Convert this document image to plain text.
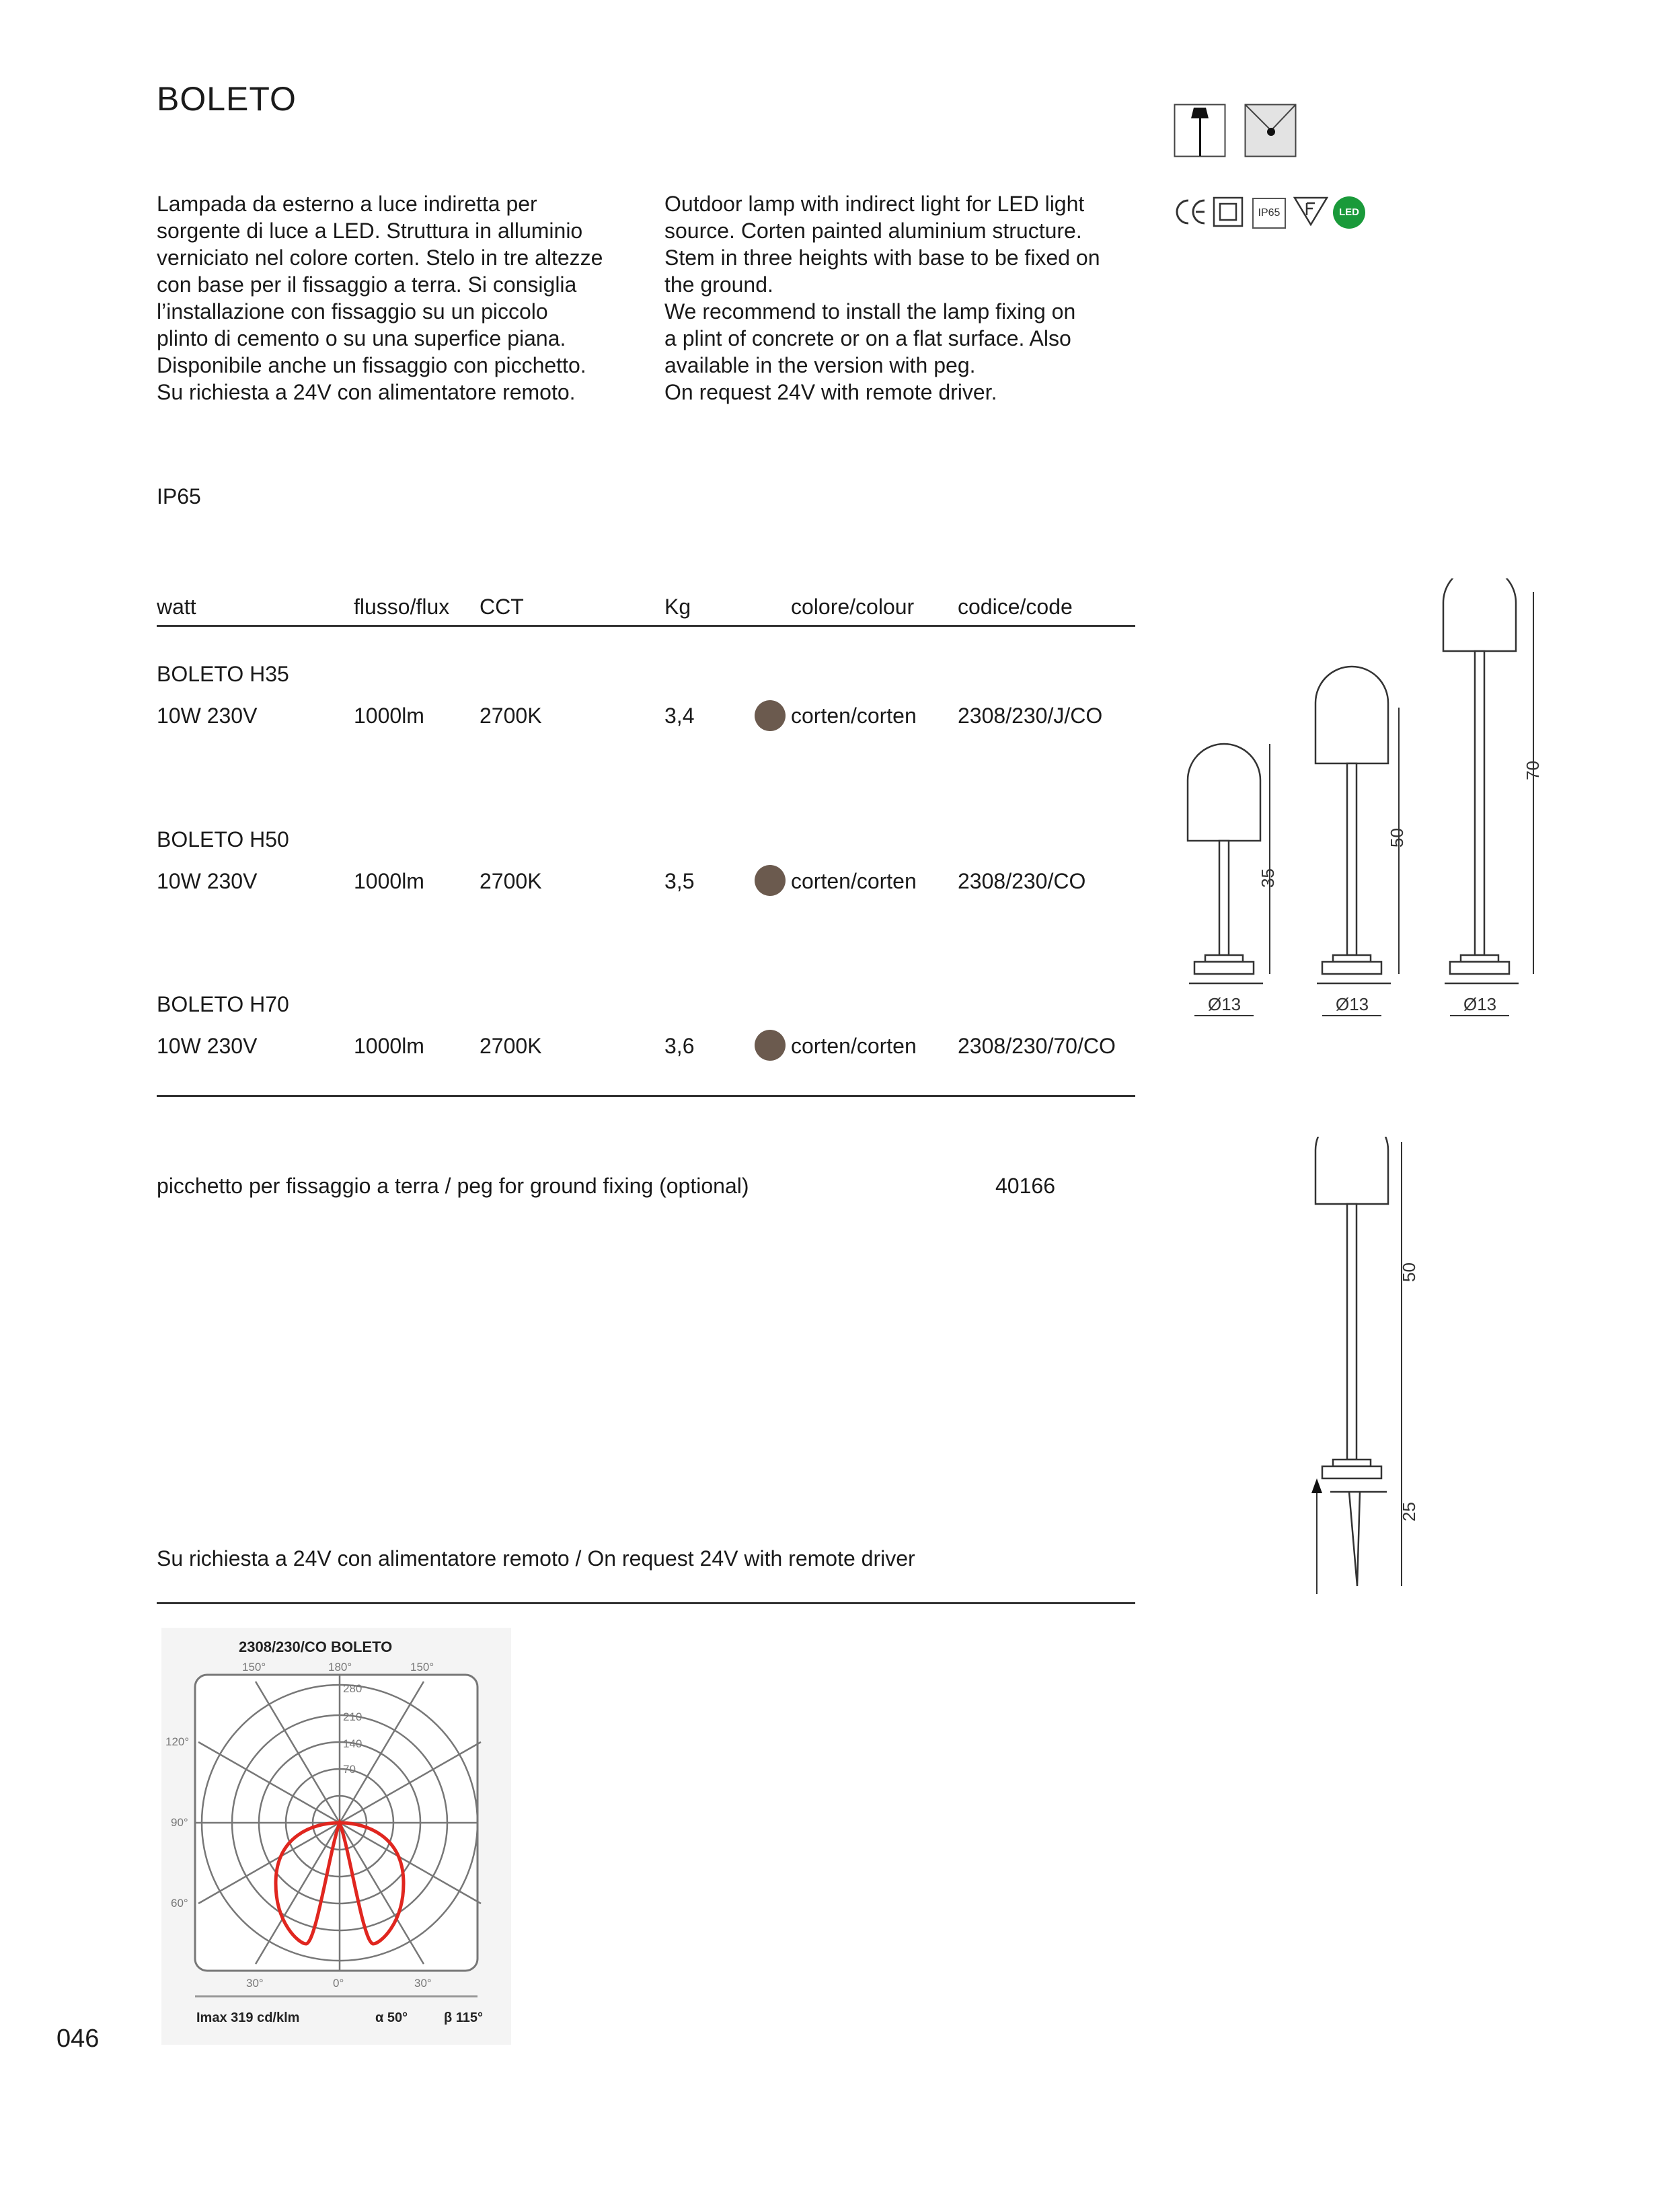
BOLETO
IP65	LED
Lampada da esterno a luce indiretta per
sorgente di luce a LED. Struttura in alluminio
verniciato nel colore corten. Stelo in tre altezze
con base per il fissaggio a terra. Si consiglia
l’installazione con fissaggio su un piccolo
plinto di cemento o su una superfice piana.
Disponibile anche un fissaggio con picchetto.
Su richiesta a 24V con alimentatore remoto.
Outdoor lamp with indirect light for LED light
source. Corten painted aluminium structure.
Stem in three heights with base to be fixed on
the ground.
We recommend to install the lamp fixing on
a plint of concrete or on a flat surface. Also
available in the version with peg.
On request 24V with remote driver.
IP65
watt	flusso/flux CCT	Kg	colore/colour codice/code
BOLETO H35
10W 230V	1000lm	2700K	3,4	corten/corten 2308/230/J/CO
BOLETO H50
10W 230V	1000lm	2700K	3,5	corten/corten 2308/230/CO
BOLETO H70
10W 230V	1000lm	2700K	3,6	corten/corten 2308/230/70/CO
picchetto per fissaggio a terra / peg for ground fixing (optional)	40166
Su richiesta a 24V con alimentatore remoto / On request 24V with remote driver
35
50
70
Ø13	Ø13	Ø13
50
25
2308/230/CO BOLETO
150°	180°	150°
120°
90°
60°
30°	0°	30°
280
210
140
70
Imax 319 cd/klm	α 50°	β 115°
046
